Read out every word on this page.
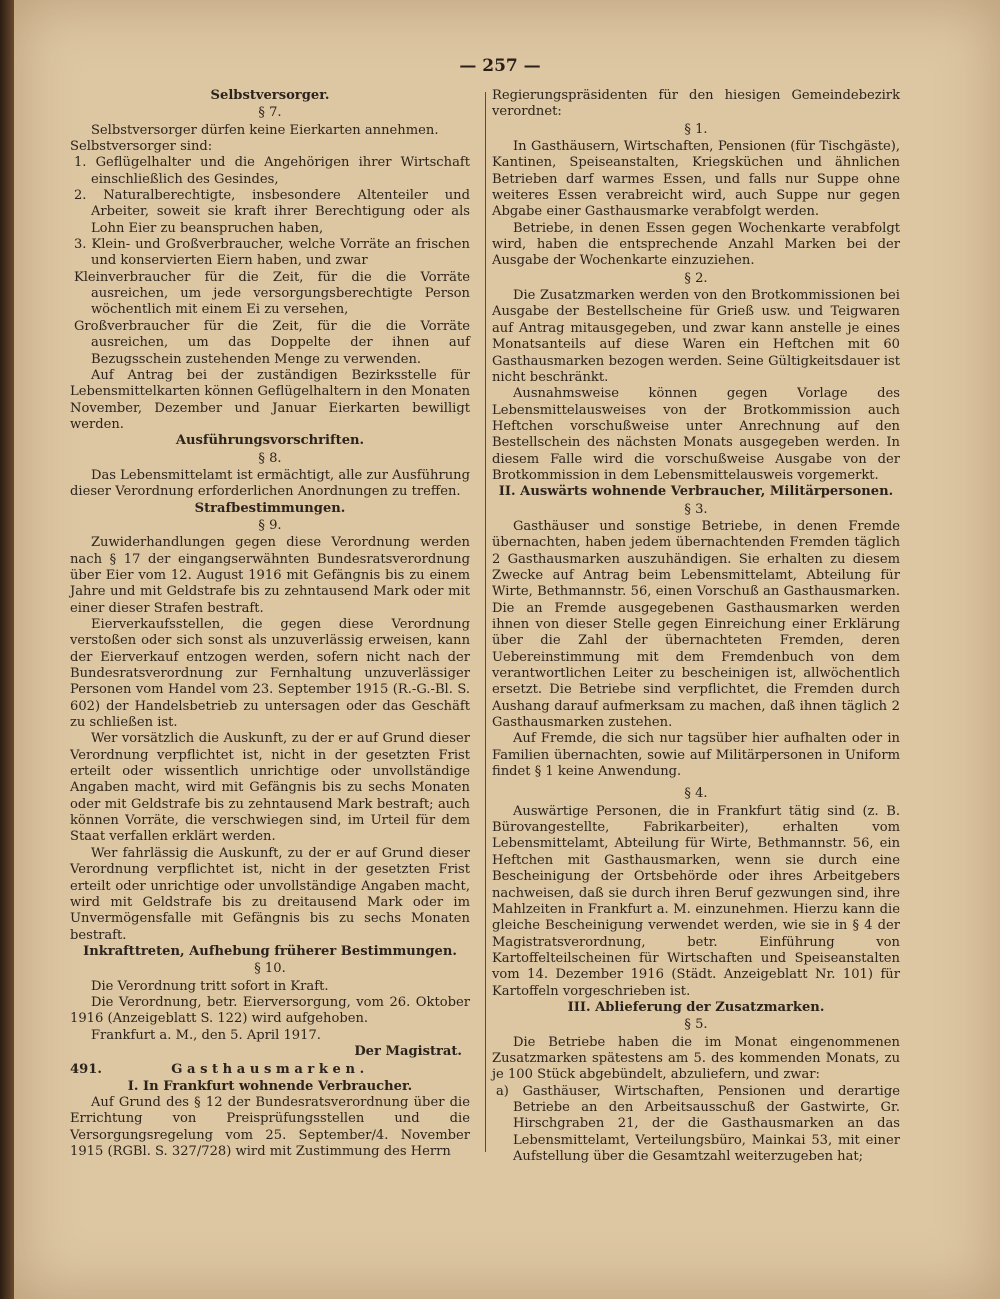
— 257 —

Selbstversorger.

§ 7.

Selbstversorger dürfen keine Eierkarten annehmen.

Selbstversorger sind:

1. Geflügelhalter und die Angehörigen ihrer Wirtschaft einschließlich des Gesindes,

2. Naturalberechtigte, insbesondere Altenteiler und Arbeiter, soweit sie kraft ihrer Berechtigung oder als Lohn Eier zu beanspruchen haben,

3. Klein- und Großverbraucher, welche Vorräte an frischen und konservierten Eiern haben, und zwar

Kleinverbraucher für die Zeit, für die die Vorräte ausreichen, um jede versorgungsberechtigte Person wöchentlich mit einem Ei zu versehen,

Großverbraucher für die Zeit, für die die Vorräte ausreichen, um das Doppelte der ihnen auf Bezugsschein zustehenden Menge zu verwenden.

Auf Antrag bei der zuständigen Bezirksstelle für Lebensmittelkarten können Geflügelhaltern in den Monaten November, Dezember und Januar Eierkarten bewilligt werden.

Ausführungsvorschriften.

§ 8.

Das Lebensmittelamt ist ermächtigt, alle zur Ausführung dieser Verordnung erforderlichen Anordnungen zu treffen.

Strafbestimmungen.

§ 9.

Zuwiderhandlungen gegen diese Verordnung werden nach § 17 der eingangserwähnten Bundesratsverordnung über Eier vom 12. August 1916 mit Gefängnis bis zu einem Jahre und mit Geldstrafe bis zu zehntausend Mark oder mit einer dieser Strafen bestraft.

Eierverkaufsstellen, die gegen diese Verordnung verstoßen oder sich sonst als unzuverlässig erweisen, kann der Eierverkauf entzogen werden, sofern nicht nach der Bundesratsverordnung zur Fernhaltung unzuverlässiger Personen vom Handel vom 23. September 1915 (R.-G.-Bl. S. 602) der Handelsbetrieb zu untersagen oder das Geschäft zu schließen ist.

Wer vorsätzlich die Auskunft, zu der er auf Grund dieser Verordnung verpflichtet ist, nicht in der gesetzten Frist erteilt oder wissentlich unrichtige oder unvollständige Angaben macht, wird mit Gefängnis bis zu sechs Monaten oder mit Geldstrafe bis zu zehntausend Mark bestraft; auch können Vorräte, die verschwiegen sind, im Urteil für dem Staat verfallen erklärt werden.

Wer fahrlässig die Auskunft, zu der er auf Grund dieser Verordnung verpflichtet ist, nicht in der gesetzten Frist erteilt oder unrichtige oder unvollständige Angaben macht, wird mit Geldstrafe bis zu dreitausend Mark oder im Unvermögensfalle mit Gefängnis bis zu sechs Monaten bestraft.

Inkrafttreten, Aufhebung früherer Bestimmungen.

§ 10.

Die Verordnung tritt sofort in Kraft.

Die Verordnung, betr. Eierversorgung, vom 26. Oktober 1916 (Anzeigeblatt S. 122) wird aufgehoben.

Frankfurt a. M., den 5. April 1917.

Der Magistrat.

491.	Gasthausmarken.

I. In Frankfurt wohnende Verbraucher.

Auf Grund des § 12 der Bundesratsverordnung über die Errichtung von Preisprüfungsstellen und die Versorgungsregelung vom 25. September/4. November 1915 (RGBl. S. 327/728) wird mit Zustimmung des Herrn

Regierungspräsidenten für den hiesigen Gemeindebezirk verordnet:

§ 1.

In Gasthäusern, Wirtschaften, Pensionen (für Tischgäste), Kantinen, Speiseanstalten, Kriegsküchen und ähnlichen Betrieben darf warmes Essen, und falls nur Suppe ohne weiteres Essen verabreicht wird, auch Suppe nur gegen Abgabe einer Gasthausmarke verabfolgt werden.

Betriebe, in denen Essen gegen Wochenkarte verabfolgt wird, haben die entsprechende Anzahl Marken bei der Ausgabe der Wochenkarte einzuziehen.

§ 2.

Die Zusatzmarken werden von den Brotkommissionen bei Ausgabe der Bestellscheine für Grieß usw. und Teigwaren auf Antrag mitausgegeben, und zwar kann anstelle je eines Monatsanteils auf diese Waren ein Heftchen mit 60 Gasthausmarken bezogen werden. Seine Gültigkeitsdauer ist nicht beschränkt.

Ausnahmsweise können gegen Vorlage des Lebensmittelausweises von der Brotkommission auch Heftchen vorschußweise unter Anrechnung auf den Bestellschein des nächsten Monats ausgegeben werden. In diesem Falle wird die vorschußweise Ausgabe von der Brotkommission in dem Lebensmittelausweis vorgemerkt.

II. Auswärts wohnende Verbraucher, Militärpersonen.

§ 3.

Gasthäuser und sonstige Betriebe, in denen Fremde übernachten, haben jedem übernachtenden Fremden täglich 2 Gasthausmarken auszuhändigen. Sie erhalten zu diesem Zwecke auf Antrag beim Lebensmittelamt, Abteilung für Wirte, Bethmannstr. 56, einen Vorschuß an Gasthausmarken. Die an Fremde ausgegebenen Gasthausmarken werden ihnen von dieser Stelle gegen Einreichung einer Erklärung über die Zahl der übernachteten Fremden, deren Uebereinstimmung mit dem Fremdenbuch von dem verantwortlichen Leiter zu bescheinigen ist, allwöchentlich ersetzt. Die Betriebe sind verpflichtet, die Fremden durch Aushang darauf aufmerksam zu machen, daß ihnen täglich 2 Gasthausmarken zustehen.

Auf Fremde, die sich nur tagsüber hier aufhalten oder in Familien übernachten, sowie auf Militärpersonen in Uniform findet § 1 keine Anwendung.

§ 4.

Auswärtige Personen, die in Frankfurt tätig sind (z. B. Bürovangestellte, Fabrikarbeiter), erhalten vom Lebensmittelamt, Abteilung für Wirte, Bethmannstr. 56, ein Heftchen mit Gasthausmarken, wenn sie durch eine Bescheinigung der Ortsbehörde oder ihres Arbeitgebers nachweisen, daß sie durch ihren Beruf gezwungen sind, ihre Mahlzeiten in Frankfurt a. M. einzunehmen. Hierzu kann die gleiche Bescheinigung verwendet werden, wie sie in § 4 der Magistratsverordnung, betr. Einführung von Kartoffelteilscheinen für Wirtschaften und Speiseanstalten vom 14. Dezember 1916 (Städt. Anzeigeblatt Nr. 101) für Kartoffeln vorgeschrieben ist.

III. Ablieferung der Zusatzmarken.

§ 5.

Die Betriebe haben die im Monat eingenommenen Zusatzmarken spätestens am 5. des kommenden Monats, zu je 100 Stück abgebündelt, abzuliefern, und zwar:

a) Gasthäuser, Wirtschaften, Pensionen und derartige Betriebe an den Arbeitsausschuß der Gastwirte, Gr. Hirschgraben 21, der die Gasthausmarken an das Lebensmittelamt, Verteilungsbüro, Mainkai 53, mit einer Aufstellung über die Gesamtzahl weiterzugeben hat;
